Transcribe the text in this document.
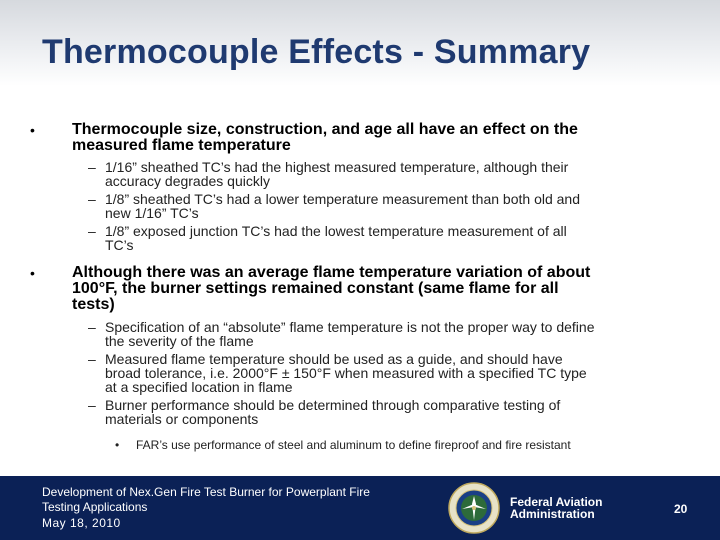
Thermocouple Effects - Summary
• Thermocouple size, construction, and age all have an effect on the
measured flame temperature
– 1/16” sheathed TC’s had the highest measured temperature, although their
accuracy degrades quickly
– 1/8” sheathed TC’s had a lower temperature measurement than both old and
new 1/16” TC’s
– 1/8” exposed junction TC’s had the lowest temperature measurement of all
TC’s
• Although there was an average flame temperature variation of about
100°F, the burner settings remained constant (same flame for all
tests)
– Specification of an “absolute” flame temperature is not the proper way to define
the severity of the flame
– Measured flame temperature should be used as a guide, and should have
broad tolerance, i.e. 2000°F ± 150°F when measured with a specified TC type
at a specified location in flame
– Burner performance should be determined through comparative testing of
materials or components
• FAR’s use performance of steel and aluminum to define fireproof and fire resistant
Development of Nex.Gen Fire Test Burner for Powerplant Fire
Testing Applications
May 18, 2010
Federal Aviation
Administration	20
